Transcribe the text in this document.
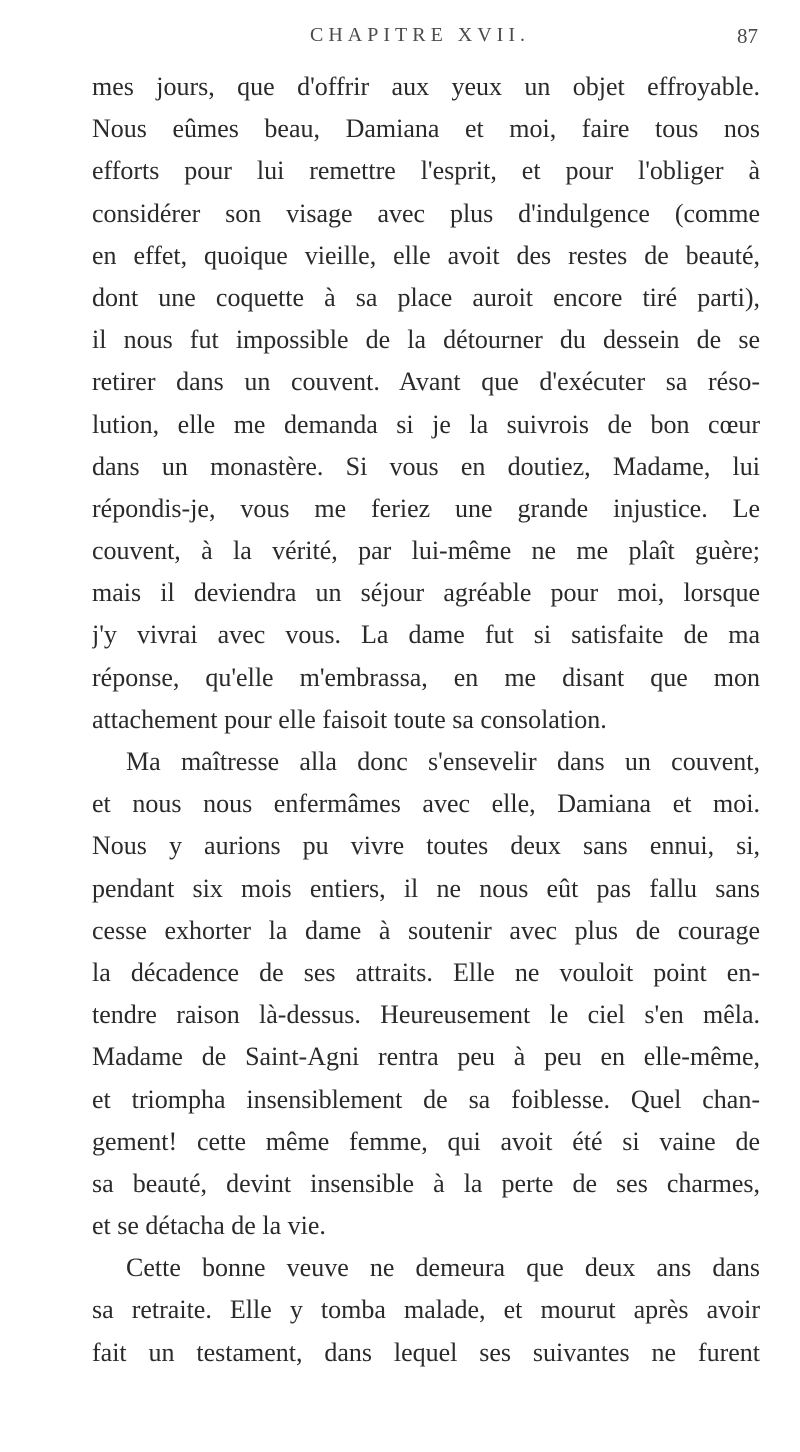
CHAPITRE XVII.	87
mes jours, que d'offrir aux yeux un objet effroyable.
Nous eûmes beau, Damiana et moi, faire tous nos
efforts pour lui remettre l'esprit, et pour l'obliger à
considérer son visage avec plus d'indulgence (comme
en effet, quoique vieille, elle avoit des restes de beauté,
dont une coquette à sa place auroit encore tiré parti),
il nous fut impossible de la détourner du dessein de se
retirer dans un couvent. Avant que d'exécuter sa réso-
lution, elle me demanda si je la suivrois de bon cœur
dans un monastère. Si vous en doutiez, Madame, lui
répondis-je, vous me feriez une grande injustice. Le
couvent, à la vérité, par lui-même ne me plaît guère;
mais il deviendra un séjour agréable pour moi, lorsque
j'y vivrai avec vous. La dame fut si satisfaite de ma
réponse, qu'elle m'embrassa, en me disant que mon
attachement pour elle faisoit toute sa consolation.
Ma maîtresse alla donc s'ensevelir dans un couvent,
et nous nous enfermâmes avec elle, Damiana et moi.
Nous y aurions pu vivre toutes deux sans ennui, si,
pendant six mois entiers, il ne nous eût pas fallu sans
cesse exhorter la dame à soutenir avec plus de courage
la décadence de ses attraits. Elle ne vouloit point en-
tendre raison là-dessus. Heureusement le ciel s'en mêla.
Madame de Saint-Agni rentra peu à peu en elle-même,
et triompha insensiblement de sa foiblesse. Quel chan-
gement! cette même femme, qui avoit été si vaine de
sa beauté, devint insensible à la perte de ses charmes,
et se détacha de la vie.
Cette bonne veuve ne demeura que deux ans dans
sa retraite. Elle y tomba malade, et mourut après avoir
fait un testament, dans lequel ses suivantes ne furent
